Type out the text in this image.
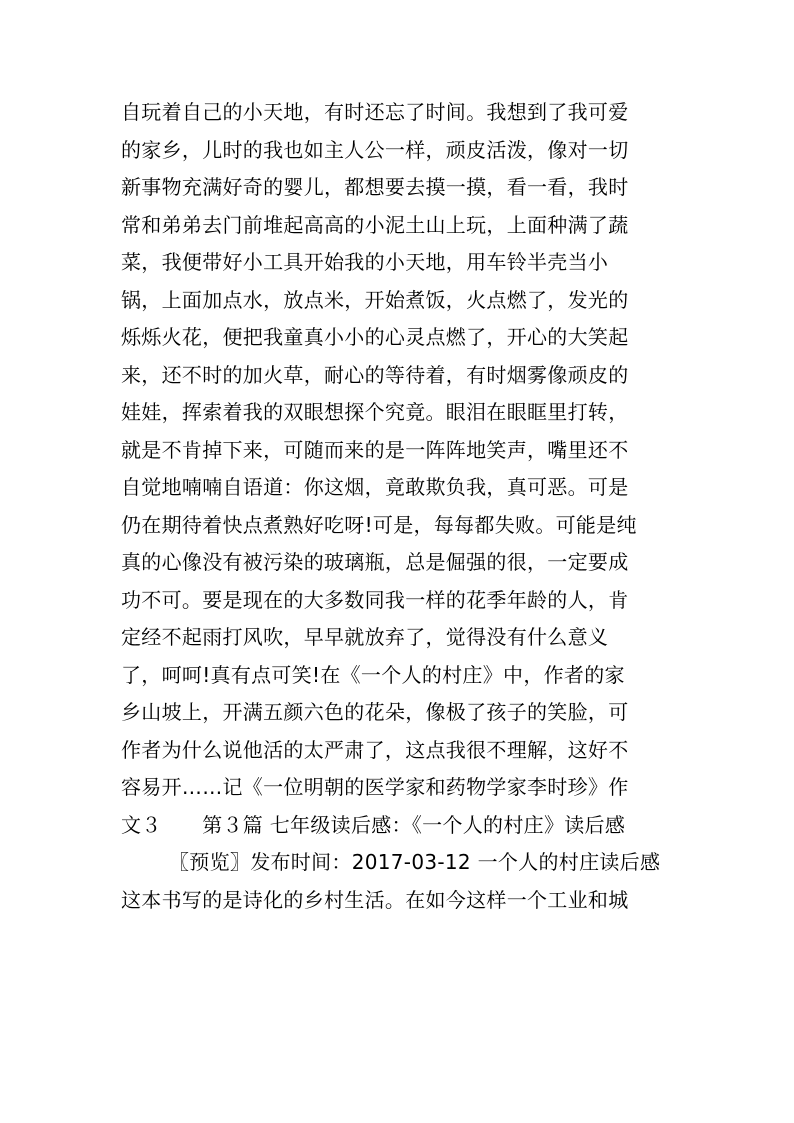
自玩着自己的小天地，有时还忘了时间。我想到了我可爱
的家乡，儿时的我也如主人公一样，顽皮活泼，像对一切
新事物充满好奇的婴儿，都想要去摸一摸，看一看，我时
常和弟弟去门前堆起高高的小泥土山上玩，上面种满了蔬
菜，我便带好小工具开始我的小天地，用车铃半壳当小
锅，上面加点水，放点米，开始煮饭，火点燃了，发光的
烁烁火花，便把我童真小小的心灵点燃了，开心的大笑起
来，还不时的加火草，耐心的等待着，有时烟雾像顽皮的
娃娃，挥索着我的双眼想探个究竟。眼泪在眼眶里打转，
就是不肯掉下来，可随而来的是一阵阵地笑声，嘴里还不
自觉地喃喃自语道：你这烟，竟敢欺负我，真可恶。可是
仍在期待着快点煮熟好吃呀!可是，每每都失败。可能是纯
真的心像没有被污染的玻璃瓶，总是倔强的很，一定要成
功不可。要是现在的大多数同我一样的花季年龄的人，肯
定经不起雨打风吹，早早就放弃了，觉得没有什么意义
了，呵呵!真有点可笑!在《一个人的村庄》中，作者的家
乡山坡上，开满五颜六色的花朵，像极了孩子的笑脸，可
作者为什么说他活的太严肃了，这点我很不理解，这好不
容易开……记《一位明朝的医学家和药物学家李时珍》作
文３　　第３篇 七年级读后感：《一个人的村庄》读后感
〖预览〗发布时间：2017-03-12 一个人的村庄读后感
这本书写的是诗化的乡村生活。在如今这样一个工业和城
